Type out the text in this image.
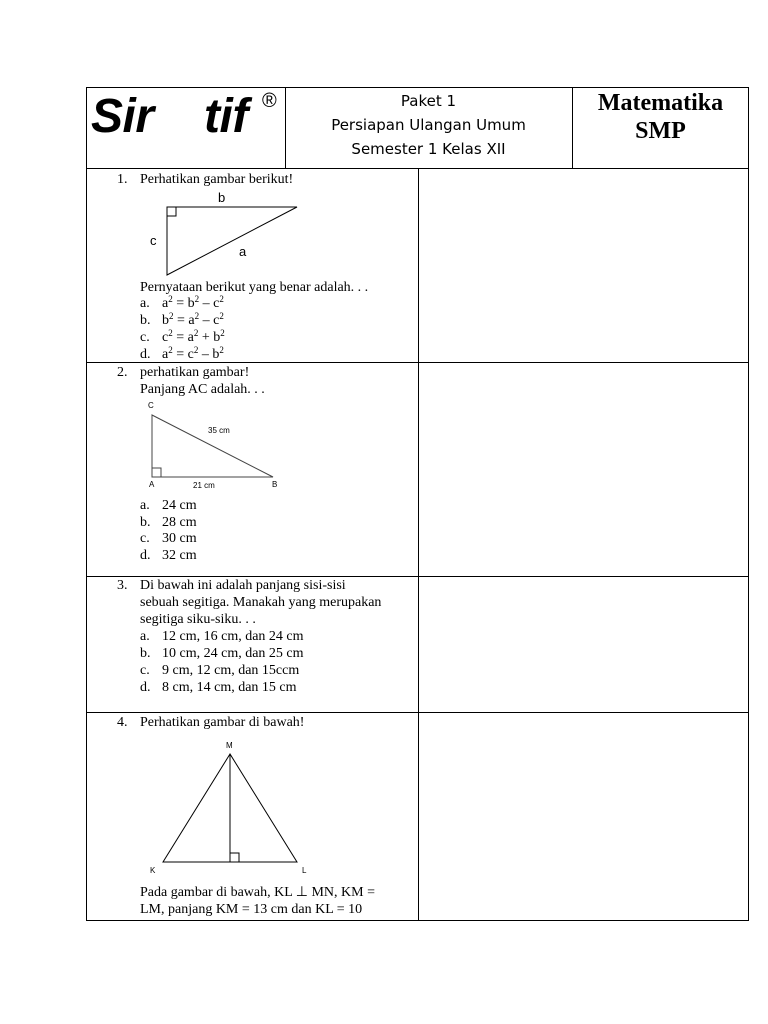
Sir tif ®	Paket 1
Persiapan Ulangan Umum
Semester 1 Kelas XII
Matematika
SMP
1. Perhatikan gambar berikut!
b
c
a
Pernyataan berikut yang benar adalah. . .
a. $a^2 = b^2 - c^2$
b. $b^2 = a^2 - c^2$
c. $c^2 = a^2 + b^2$
d. $a^2 = c^2 - b^2$
2. perhatikan gambar!
Panjang AC adalah. . .
C
A	B
35 cm
21 cm
a. 24 cm
b. 28 cm
c. 30 cm
d. 32 cm
3. Di bawah ini adalah panjang sisi-sisi
sebuah segitiga. Manakah yang merupakan
segitiga siku-siku. . .
a. 12 cm, 16 cm, dan 24 cm
b. 10 cm, 24 cm, dan 25 cm
c. 9 cm, 12 cm, dan 15ccm
d. 8 cm, 14 cm, dan 15 cm
4. Perhatikan gambar di bawah!
M
K	L
Pada gambar di bawah, KL ⊥ MN, KM =
LM, panjang KM = 13 cm dan KL = 10
